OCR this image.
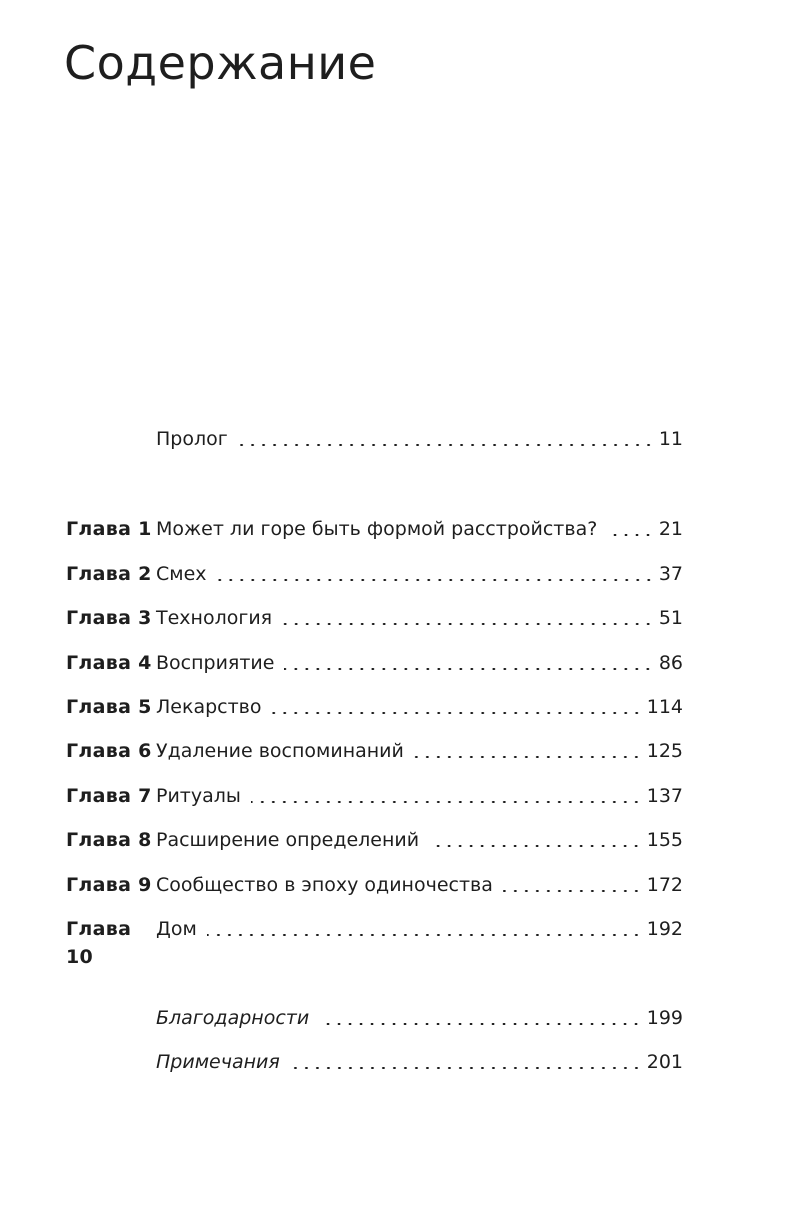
Содержание
Пролог	11
Глава 1 Может ли горе быть формой расстройства?	21
Глава 2 Смех	37
Глава 3 Технология	51
Глава 4 Восприятие	86
Глава 5 Лекарство	114
Глава 6 Удаление воспоминаний	125
Глава 7 Ритуалы	137
Глава 8 Расширение определений	155
Глава 9 Сообщество в эпоху одиночества	172
Глава 10
Дом	192
Благодарности	199
Примечания	201
